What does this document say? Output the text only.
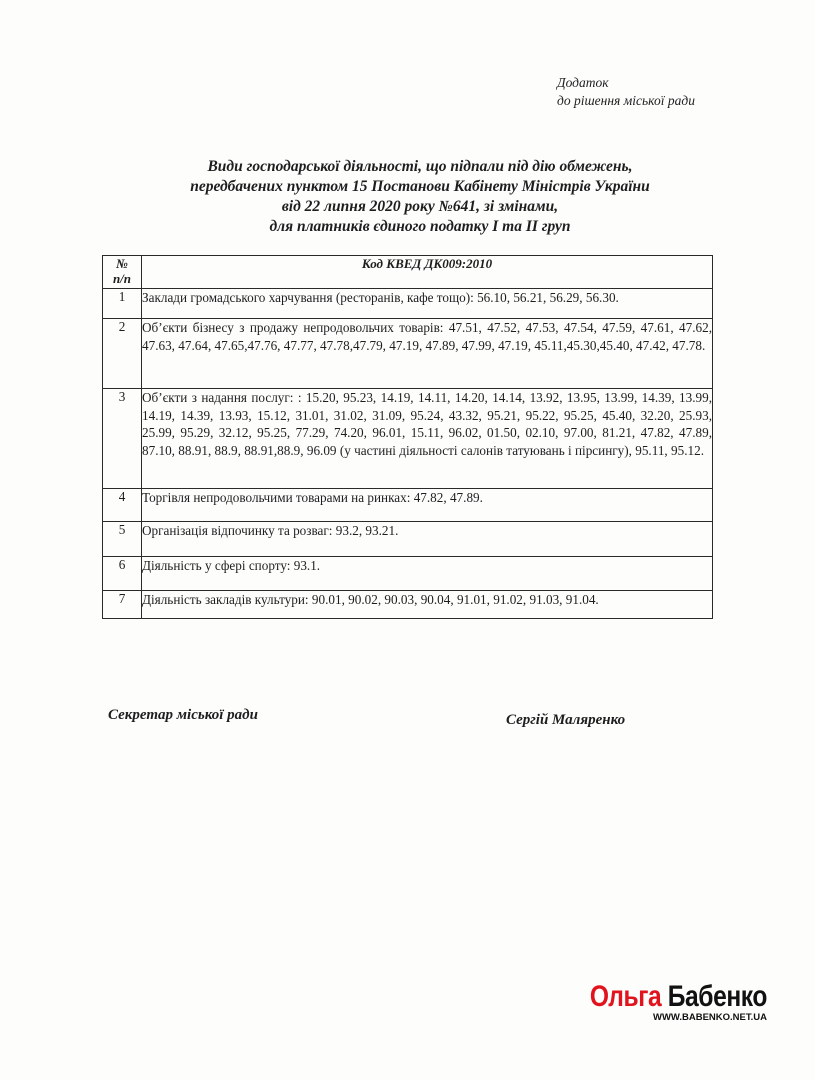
Додаток
до рішення міської ради
Види господарської діяльності, що підпали під дію обмежень,
передбачених пунктом 15 Постанови Кабінету Міністрів України
від 22 липня 2020 року №641, зі змінами,
для платників єдиного податку I та II груп
№
п/п	Код КВЕД ДК009:2010
1	Заклади громадського харчування (ресторанів, кафе тощо): 56.10, 56.21, 56.29, 56.30.
2	Об’єкти бізнесу з продажу непродовольчих товарів: 47.51, 47.52, 47.53, 47.54, 47.59, 47.61, 47.62, 47.63, 47.64, 47.65,47.76, 47.77, 47.78,47.79, 47.19, 47.89, 47.99, 47.19, 45.11,45.30,45.40, 47.42, 47.78.
3	Об’єкти з надання послуг: : 15.20, 95.23, 14.19, 14.11, 14.20, 14.14, 13.92, 13.95, 13.99, 14.39, 13.99, 14.19, 14.39, 13.93, 15.12, 31.01, 31.02, 31.09, 95.24, 43.32, 95.21, 95.22, 95.25, 45.40, 32.20, 25.93, 25.99, 95.29, 32.12, 95.25, 77.29, 74.20, 96.01, 15.11, 96.02, 01.50, 02.10, 97.00, 81.21, 47.82, 47.89, 87.10, 88.91, 88.9, 88.91,88.9, 96.09 (у частині діяльності салонів татуювань і пірсингу), 95.11, 95.12.
4	Торгівля непродовольчими товарами на ринках: 47.82, 47.89.
5	Організація відпочинку та розваг: 93.2, 93.21.
6	Діяльність у сфері спорту: 93.1.
7	Діяльність закладів культури: 90.01, 90.02, 90.03, 90.04, 91.01, 91.02, 91.03, 91.04.
Секретар міської ради	Сергій Маляренко
Ольга Бабенко
WWW.BABENKO.NET.UA
